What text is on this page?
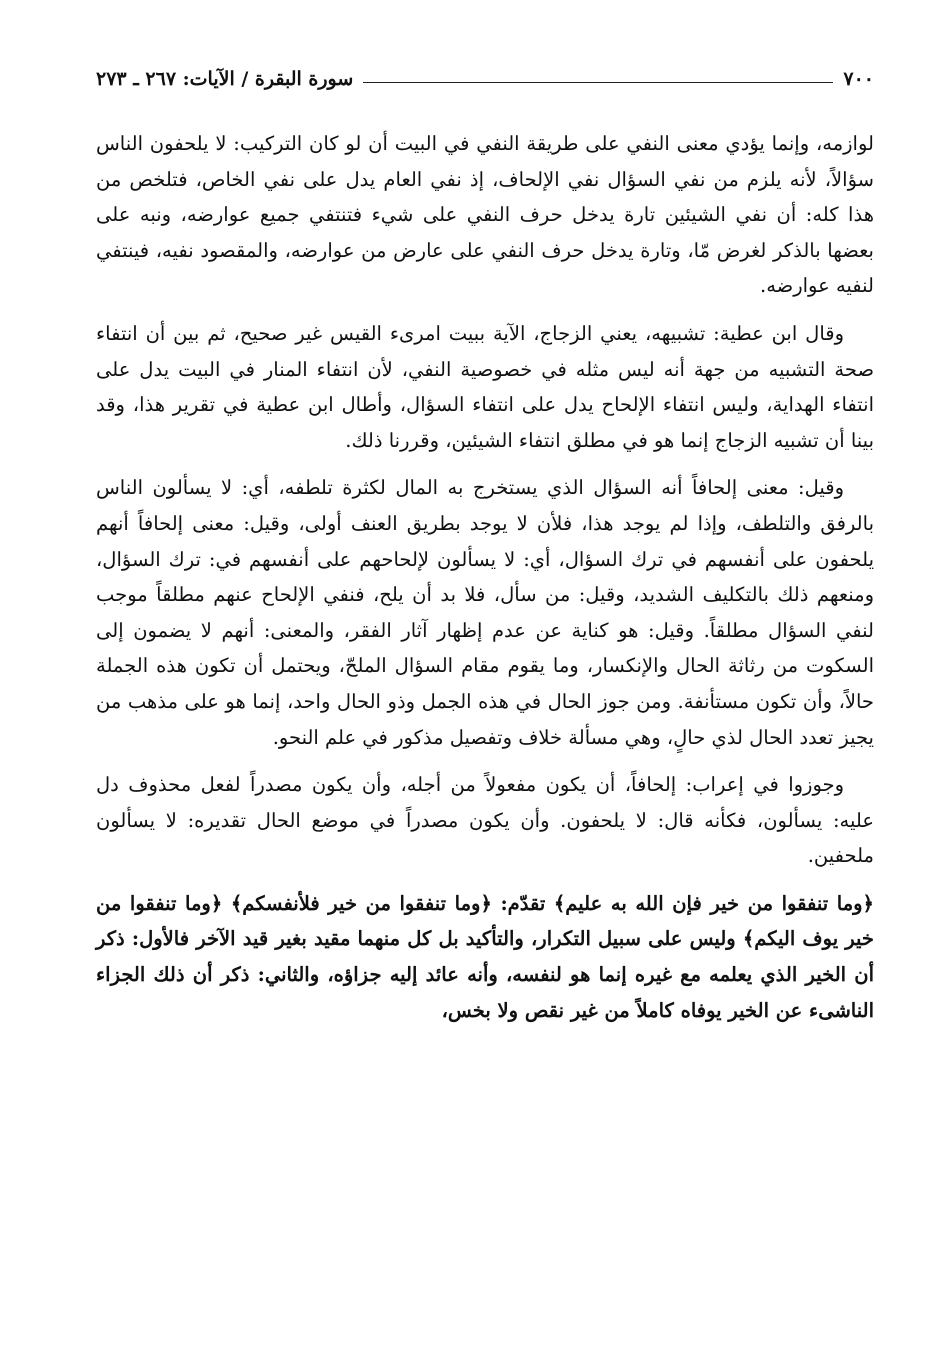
٧٠٠
سورة البقرة / الآيات: ٢٦٧ ـ ٢٧٣

لوازمه، وإنما يؤدي معنى النفي على طريقة النفي في البيت أن لو كان التركيب: لا يلحفون الناس سؤالاً، لأنه يلزم من نفي السؤال نفي الإلحاف، إذ نفي العام يدل على نفي الخاص، فتلخص من هذا كله: أن نفي الشيئين تارة يدخل حرف النفي على شيء فتنتفي جميع عوارضه، ونبه على بعضها بالذكر لغرض مّا، وتارة يدخل حرف النفي على عارض من عوارضه، والمقصود نفيه، فينتفي لنفيه عوارضه.

وقال ابن عطية: تشبيهه، يعني الزجاج، الآية ببيت امرىء القيس غير صحيح، ثم بين أن انتفاء صحة التشبيه من جهة أنه ليس مثله في خصوصية النفي، لأن انتفاء المنار في البيت يدل على انتفاء الهداية، وليس انتفاء الإلحاح يدل على انتفاء السؤال، وأطال ابن عطية في تقرير هذا، وقد بينا أن تشبيه الزجاج إنما هو في مطلق انتفاء الشيئين، وقررنا ذلك.

وقيل: معنى إلحافاً أنه السؤال الذي يستخرج به المال لكثرة تلطفه، أي: لا يسألون الناس بالرفق والتلطف، وإذا لم يوجد هذا، فلأن لا يوجد بطريق العنف أولى، وقيل: معنى إلحافاً أنهم يلحفون على أنفسهم في ترك السؤال، أي: لا يسألون لإلحاحهم على أنفسهم في: ترك السؤال، ومنعهم ذلك بالتكليف الشديد، وقيل: من سأل، فلا بد أن يلح، فنفي الإلحاح عنهم مطلقاً موجب لنفي السؤال مطلقاً. وقيل: هو كناية عن عدم إظهار آثار الفقر، والمعنى: أنهم لا يضمون إلى السكوت من رثاثة الحال والإنكسار، وما يقوم مقام السؤال الملحّ، ويحتمل أن تكون هذه الجملة حالاً، وأن تكون مستأنفة. ومن جوز الحال في هذه الجمل وذو الحال واحد، إنما هو على مذهب من يجيز تعدد الحال لذي حالٍ، وهي مسألة خلاف وتفصيل مذكور في علم النحو.

وجوزوا في إعراب: إلحافاً، أن يكون مفعولاً من أجله، وأن يكون مصدراً لفعل محذوف دل عليه: يسألون، فكأنه قال: لا يلحفون. وأن يكون مصدراً في موضع الحال تقديره: لا يسألون ملحفين.

﴿وما تنفقوا من خير فإن الله به عليم﴾ تقدّم: ﴿وما تنفقوا من خير فلأنفسكم﴾ ﴿وما تنفقوا من خير يوف اليكم﴾ وليس على سبيل التكرار، والتأكيد بل كل منهما مقيد بغير قيد الآخر فالأول: ذكر أن الخير الذي يعلمه مع غيره إنما هو لنفسه، وأنه عائد إليه جزاؤه، والثاني: ذكر أن ذلك الجزاء الناشىء عن الخير يوفاه كاملاً من غير نقص ولا بخس،
